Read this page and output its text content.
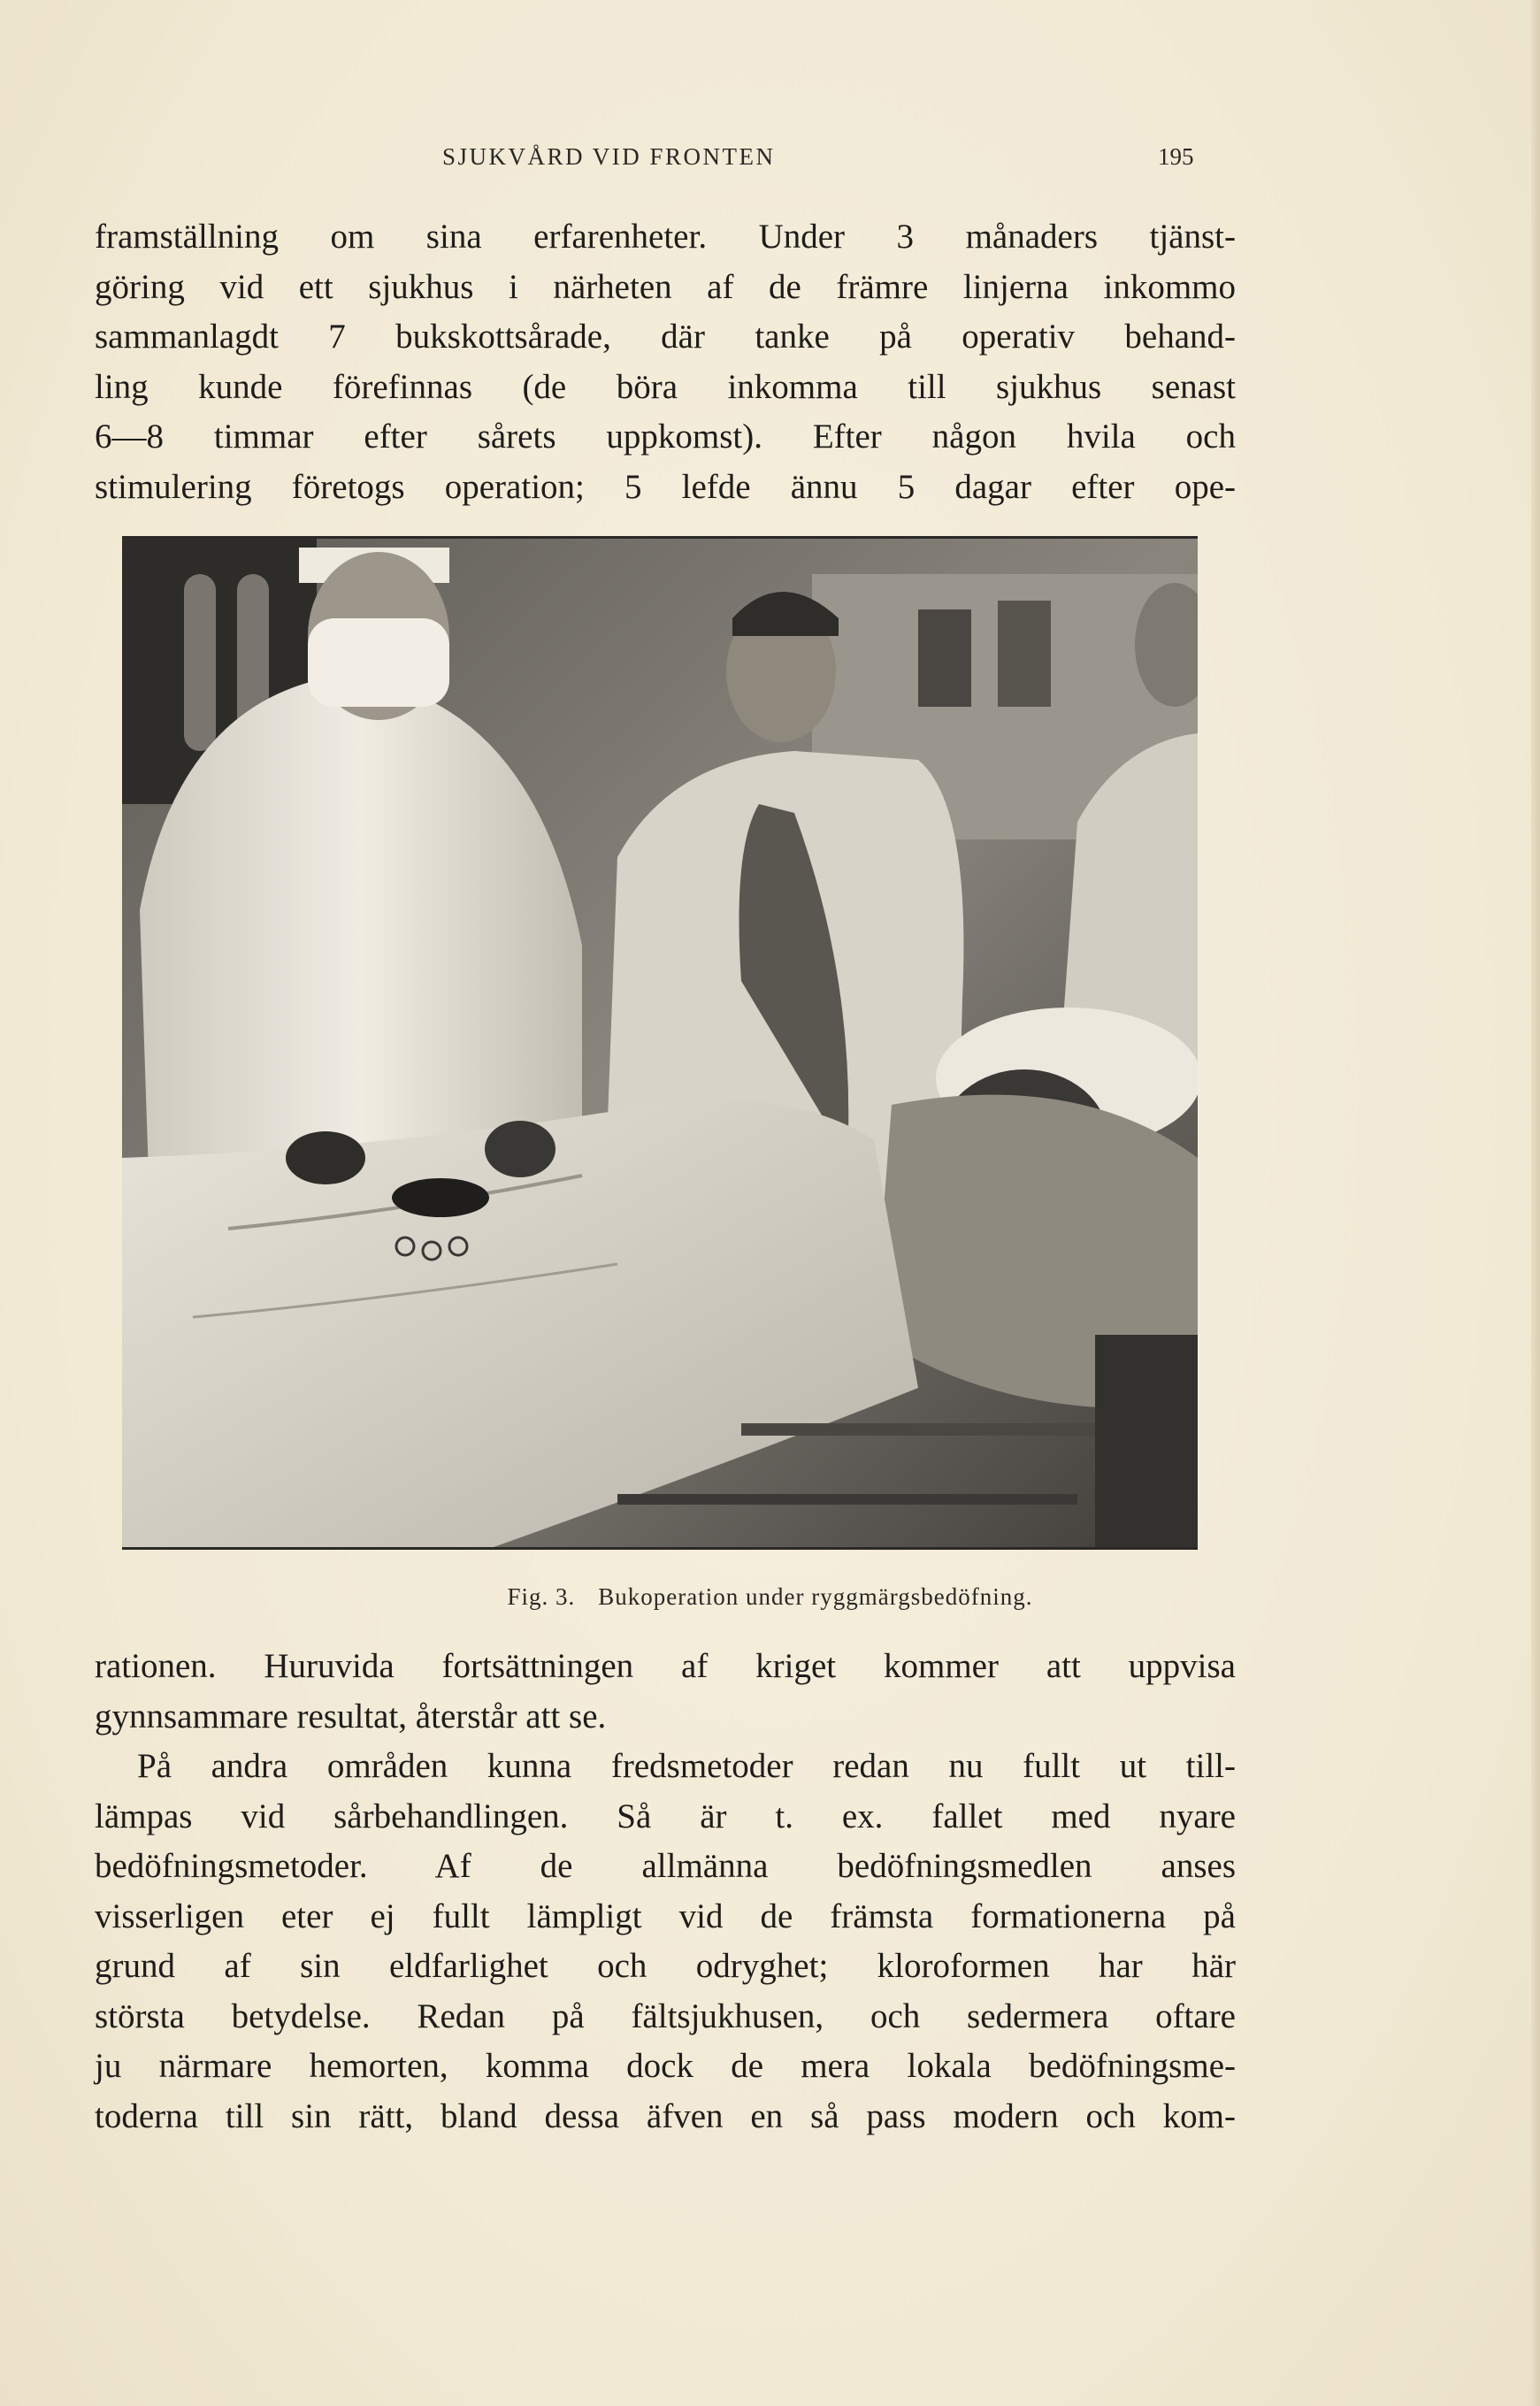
SJUKVÅRD VID FRONTEN	195
framställning om sina erfarenheter. Under 3 månaders tjänst-
göring vid ett sjukhus i närheten af de främre linjerna inkommo
sammanlagdt 7 bukskottsårade, där tanke på operativ behand-
ling kunde förefinnas (de böra inkomma till sjukhus senast
6—8 timmar efter sårets uppkomst). Efter någon hvila och
stimulering företogs operation; 5 lefde ännu 5 dagar efter ope-
Fig. 3. Bukoperation under ryggmärgsbedöfning.
rationen. Huruvida fortsättningen af kriget kommer att uppvisa
gynnsammare resultat, återstår att se.
På andra områden kunna fredsmetoder redan nu fullt ut till-
lämpas vid sårbehandlingen. Så är t. ex. fallet med nyare
bedöfningsmetoder. Af de allmänna bedöfningsmedlen anses
visserligen eter ej fullt lämpligt vid de främsta formationerna på
grund af sin eldfarlighet och odryghet; kloroformen har här
största betydelse. Redan på fältsjukhusen, och sedermera oftare
ju närmare hemorten, komma dock de mera lokala bedöfningsme-
toderna till sin rätt, bland dessa äfven en så pass modern och kom-
